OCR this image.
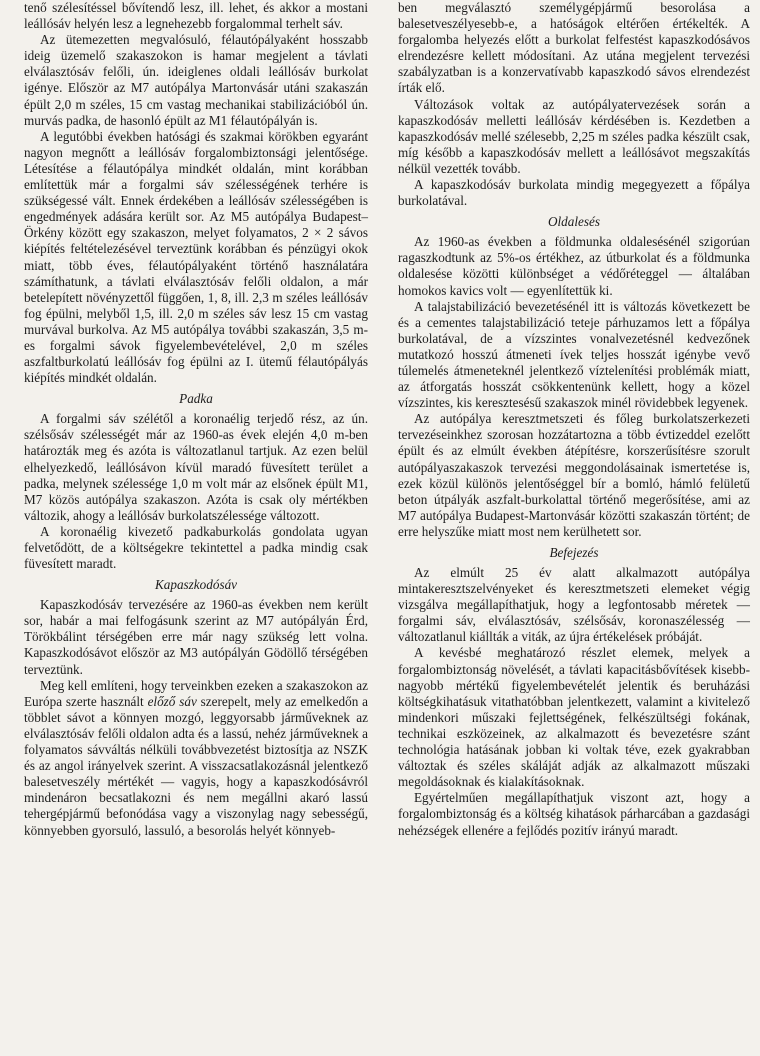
tenő szélesítéssel bővítendő lesz, ill. lehet, és akkor a mostani leállósáv helyén lesz a legnehezebb forgalommal terhelt sáv.

Az ütemezetten megvalósuló, félautópályaként hosszabb ideig üzemelő szakaszokon is hamar megjelent a távlati elválasztósáv felőli, ún. ideiglenes oldali leállósáv burkolat igénye. Először az M7 autópálya Martonvásár utáni szakaszán épült 2,0 m széles, 15 cm vastag mechanikai stabilizációból ún. murvás padka, de hasonló épült az M1 félautópályán is.

A legutóbbi években hatósági és szakmai körökben egyaránt nagyon megnőtt a leállósáv forgalombiztonsági jelentősége. Létesítése a félautópálya mindkét oldalán, mint korábban említettük már a forgalmi sáv szélességének terhére is szükségessé vált. Ennek érdekében a leállósáv szélességében is engedmények adására került sor. Az M5 autópálya Budapest–Örkény között egy szakaszon, melyet folyamatos, 2 × 2 sávos kiépítés feltételezésével terveztünk korábban és pénzügyi okok miatt, több éves, félautópályaként történő használatára számíthatunk, a távlati elválasztósáv felőli oldalon, a már betelepített növényzettől függően, 1, 8, ill. 2,3 m széles leállósáv fog épülni, melyből 1,5, ill. 2,0 m széles sáv lesz 15 cm vastag murvával burkolva. Az M5 autópálya további szakaszán, 3,5 m-es forgalmi sávok figyelembevételével, 2,0 m széles aszfaltburkolatú leállósáv fog épülni az I. ütemű félautópályás kiépítés mindkét oldalán.

Padka

A forgalmi sáv szélétől a koronaélig terjedő rész, az ún. szélsősáv szélességét már az 1960-as évek elején 4,0 m-ben határozták meg és azóta is változatlanul tartjuk. Az ezen belül elhelyezkedő, leállósávon kívül maradó füvesített terület a padka, melynek szélessége 1,0 m volt már az elsőnek épült M1, M7 közös autópálya szakaszon. Azóta is csak oly mértékben változik, ahogy a leállósáv burkolatszélessége változott.

A koronaélig kivezető padkaburkolás gondolata ugyan felvetődött, de a költségekre tekintettel a padka mindig csak füvesített maradt.

Kapaszkodósáv

Kapaszkodósáv tervezésére az 1960-as években nem került sor, habár a mai felfogásunk szerint az M7 autópályán Érd, Törökbálint térségében erre már nagy szükség lett volna. Kapaszkodósávot először az M3 autópályán Gödöllő térségében terveztünk.

Meg kell említeni, hogy terveinkben ezeken a szakaszokon az Európa szerte használt előző sáv szerepelt, mely az emelkedőn a többlet sávot a könnyen mozgó, leggyorsabb járműveknek az elválasztósáv felőli oldalon adta és a lassú, nehéz járműveknek a folyamatos sávváltás nélküli továbbvezetést biztosítja az NSZK és az angol irányelvek szerint. A visszacsatlakozásnál jelentkező balesetveszély mértékét — vagyis, hogy a kapaszkodósávról mindenáron becsatlakozni és nem megállni akaró lassú tehergépjármű befonódása vagy a viszonylag nagy sebességű, könnyebben gyorsuló, lassuló, a besorolás helyét könnyeb-

ben megválasztó személygépjármű besorolása a balesetveszélyesebb-e, a hatóságok eltérően értékelték. A forgalomba helyezés előtt a burkolat felfestést kapaszkodósávos elrendezésre kellett módosítani. Az utána megjelent tervezési szabályzatban is a konzervatívabb kapaszkodó sávos elrendezést írták elő.

Változások voltak az autópályatervezések során a kapaszkodósáv melletti leállósáv kérdésében is. Kezdetben a kapaszkodósáv mellé szélesebb, 2,25 m széles padka készült csak, míg később a kapaszkodósáv mellett a leállósávot megszakítás nélkül vezették tovább.

A kapaszkodósáv burkolata mindig megegyezett a főpálya burkolatával.

Oldalesés

Az 1960-as években a földmunka oldalesésénél szigorúan ragaszkodtunk az 5%-os értékhez, az útburkolat és a földmunka oldalesése közötti különbséget a védőréteggel — általában homokos kavics volt — egyenlítettük ki.

A talajstabilizáció bevezetésénél itt is változás következett be és a cementes talajstabilizáció teteje párhuzamos lett a főpálya burkolatával, de a vízszintes vonalvezetésnél kedvezőnek mutatkozó hosszú átmeneti ívek teljes hosszát igénybe vevő túlemelés átmeneteknél jelentkező víztelenítési problémák miatt, az átforgatás hosszát csökkentenünk kellett, hogy a közel vízszintes, kis keresztesésű szakaszok minél rövidebbek legyenek.

Az autópálya keresztmetszeti és főleg burkolatszerkezeti tervezéseinkhez szorosan hozzátartozna a több évtizeddel ezelőtt épült és az elmúlt években átépítésre, korszerűsítésre szorult autópályaszakaszok tervezési meggondolásainak ismertetése is, ezek közül különös jelentőséggel bír a bomló, hámló felületű beton útpályák aszfalt-burkolattal történő megerősítése, ami az M7 autópálya Budapest-Martonvásár közötti szakaszán történt; de erre helyszűke miatt most nem kerülhetett sor.

Befejezés

Az elmúlt 25 év alatt alkalmazott autópálya mintakeresztszelvényeket és keresztmetszeti elemeket végig vizsgálva megállapíthatjuk, hogy a legfontosabb méretek — forgalmi sáv, elválasztósáv, szélsősáv, koronaszélesség — változatlanul kiállták a viták, az újra értékelések próbáját.

A kevésbé meghatározó részlet elemek, melyek a forgalombiztonság növelését, a távlati kapacitásbővítések kisebb-nagyobb mértékű figyelembevételét jelentik és beruházási költségkihatásuk vitathatóbban jelentkezett, valamint a kivitelező mindenkori műszaki fejlettségének, felkészültségi fokának, technikai eszközeinek, az alkalmazott és bevezetésre szánt technológia hatásának jobban ki voltak téve, ezek gyakrabban változtak és széles skáláját adják az alkalmazott műszaki megoldásoknak és kialakításoknak.

Egyértelműen megállapíthatjuk viszont azt, hogy a forgalombiztonság és a költség kihatások párharcában a gazdasági nehézségek ellenére a fejlődés pozitív irányú maradt.
